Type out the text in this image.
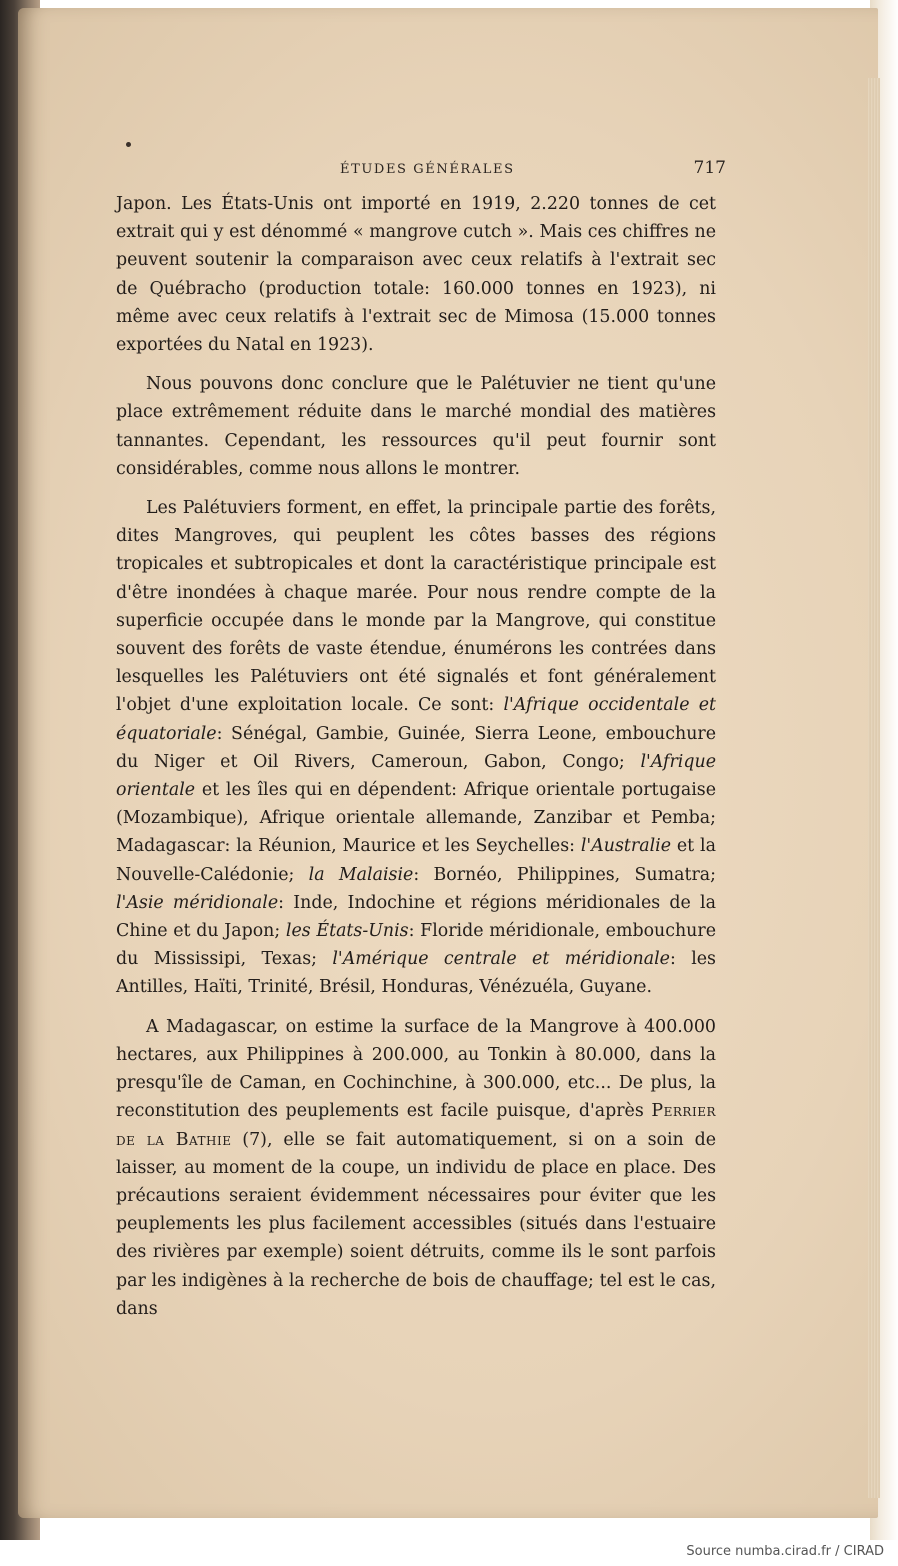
ÉTUDES GÉNÉRALES	717

Japon. Les États-Unis ont importé en 1919, 2.220 tonnes de cet extrait qui y est dénommé « mangrove cutch ». Mais ces chiffres ne peuvent soutenir la comparaison avec ceux relatifs à l'extrait sec de Québracho (production totale: 160.000 tonnes en 1923), ni même avec ceux relatifs à l'extrait sec de Mimosa (15.000 tonnes exportées du Natal en 1923).

Nous pouvons donc conclure que le Palétuvier ne tient qu'une place extrêmement réduite dans le marché mondial des matières tannantes. Cependant, les ressources qu'il peut fournir sont considérables, comme nous allons le montrer.

Les Palétuviers forment, en effet, la principale partie des forêts, dites Mangroves, qui peuplent les côtes basses des régions tropicales et subtropicales et dont la caractéristique principale est d'être inondées à chaque marée. Pour nous rendre compte de la superficie occupée dans le monde par la Mangrove, qui constitue souvent des forêts de vaste étendue, énumérons les contrées dans lesquelles les Palétuviers ont été signalés et font généralement l'objet d'une exploitation locale. Ce sont: l'Afrique occidentale et équatoriale: Sénégal, Gambie, Guinée, Sierra Leone, embouchure du Niger et Oil Rivers, Cameroun, Gabon, Congo; l'Afrique orientale et les îles qui en dépendent: Afrique orientale portugaise (Mozambique), Afrique orientale allemande, Zanzibar et Pemba; Madagascar: la Réunion, Maurice et les Seychelles: l'Australie et la Nouvelle-Calédonie; la Malaisie: Bornéo, Philippines, Sumatra; l'Asie méridionale: Inde, Indochine et régions méridionales de la Chine et du Japon; les États-Unis: Floride méridionale, embouchure du Mississipi, Texas; l'Amérique centrale et méridionale: les Antilles, Haïti, Trinité, Brésil, Honduras, Vénézuéla, Guyane.

A Madagascar, on estime la surface de la Mangrove à 400.000 hectares, aux Philippines à 200.000, au Tonkin à 80.000, dans la presqu'île de Caman, en Cochinchine, à 300.000, etc... De plus, la reconstitution des peuplements est facile puisque, d'après Perrier de la Bathie (7), elle se fait automatiquement, si on a soin de laisser, au moment de la coupe, un individu de place en place. Des précautions seraient évidemment nécessaires pour éviter que les peuplements les plus facilement accessibles (situés dans l'estuaire des rivières par exemple) soient détruits, comme ils le sont parfois par les indigènes à la recherche de bois de chauffage; tel est le cas, dans

Source numba.cirad.fr / CIRAD
